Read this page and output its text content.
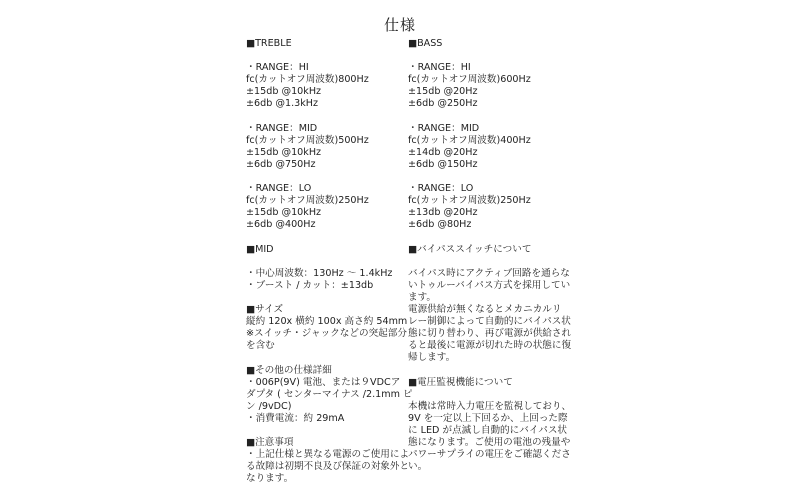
仕様
■TREBLE
・RANGE：HI
fc(カットオフ周波数)800Hz
±15db @10kHz
±6db @1.3kHz
・RANGE：MID
fc(カットオフ周波数)500Hz
±15db @10kHz
±6db @750Hz
・RANGE：LO
fc(カットオフ周波数)250Hz
±15db @10kHz
±6db @400Hz
■MID
・中心周波数：130Hz 〜 1.4kHz
・ブースト / カット：±13db
■サイズ
縦約 120x 横約 100x 高さ約 54mm
※スイッチ・ジャックなどの突起部分
を含む
■その他の仕様詳細
・006P(9V) 電池、または９VDCア
ダプタ ( センターマイナス /2.1mm ピ
ン /9vDC)
・消費電流：約 29mA
■注意事項
・上記仕様と異なる電源のご使用によ
る故障は初期不良及び保証の対象外と
なります。
■BASS
・RANGE：HI
fc(カットオフ周波数)600Hz
±15db @20Hz
±6db @250Hz
・RANGE：MID
fc(カットオフ周波数)400Hz
±14db @20Hz
±6db @150Hz
・RANGE：LO
fc(カットオフ周波数)250Hz
±13db @20Hz
±6db @80Hz
■バイパススイッチについて
バイパス時にアクティブ回路を通らな
いトゥルーバイパス方式を採用してい
ます。
電源供給が無くなるとメカニカルリ
レー制御によって自動的にバイパス状
態に切り替わり、再び電源が供給され
ると最後に電源が切れた時の状態に復
帰します。
■電圧監視機能について
本機は常時入力電圧を監視しており、
9V を一定以上下回るか、上回った際
に LED が点滅し自動的にバイパス状
態になります。ご使用の電池の残量や
パワーサプライの電圧をご確認くださ
い。
